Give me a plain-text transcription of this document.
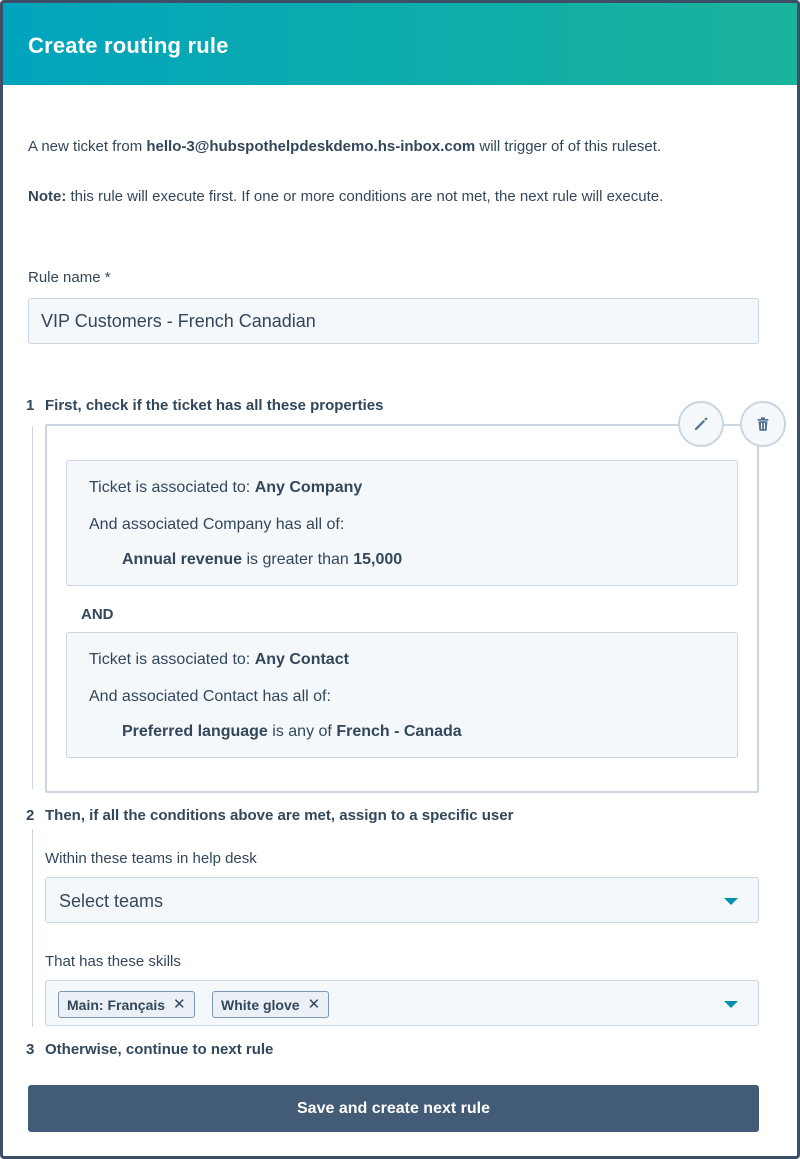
Create routing rule
A new ticket from hello-3@hubspothelpdeskdemo.hs-inbox.com will trigger of of this ruleset.
Note: this rule will execute first. If one or more conditions are not met, the next rule will execute.
Rule name *
VIP Customers - French Canadian
1 First, check if the ticket has all these properties
Ticket is associated to: Any Company
And associated Company has all of:
Annual revenue is greater than 15,000
AND
Ticket is associated to: Any Contact
And associated Contact has all of:
Preferred language is any of French - Canada
2 Then, if all the conditions above are met, assign to a specific user
Within these teams in help desk
Select teams
That has these skills
Main: Français ✕	White glove ✕
3 Otherwise, continue to next rule
Save and create next rule
